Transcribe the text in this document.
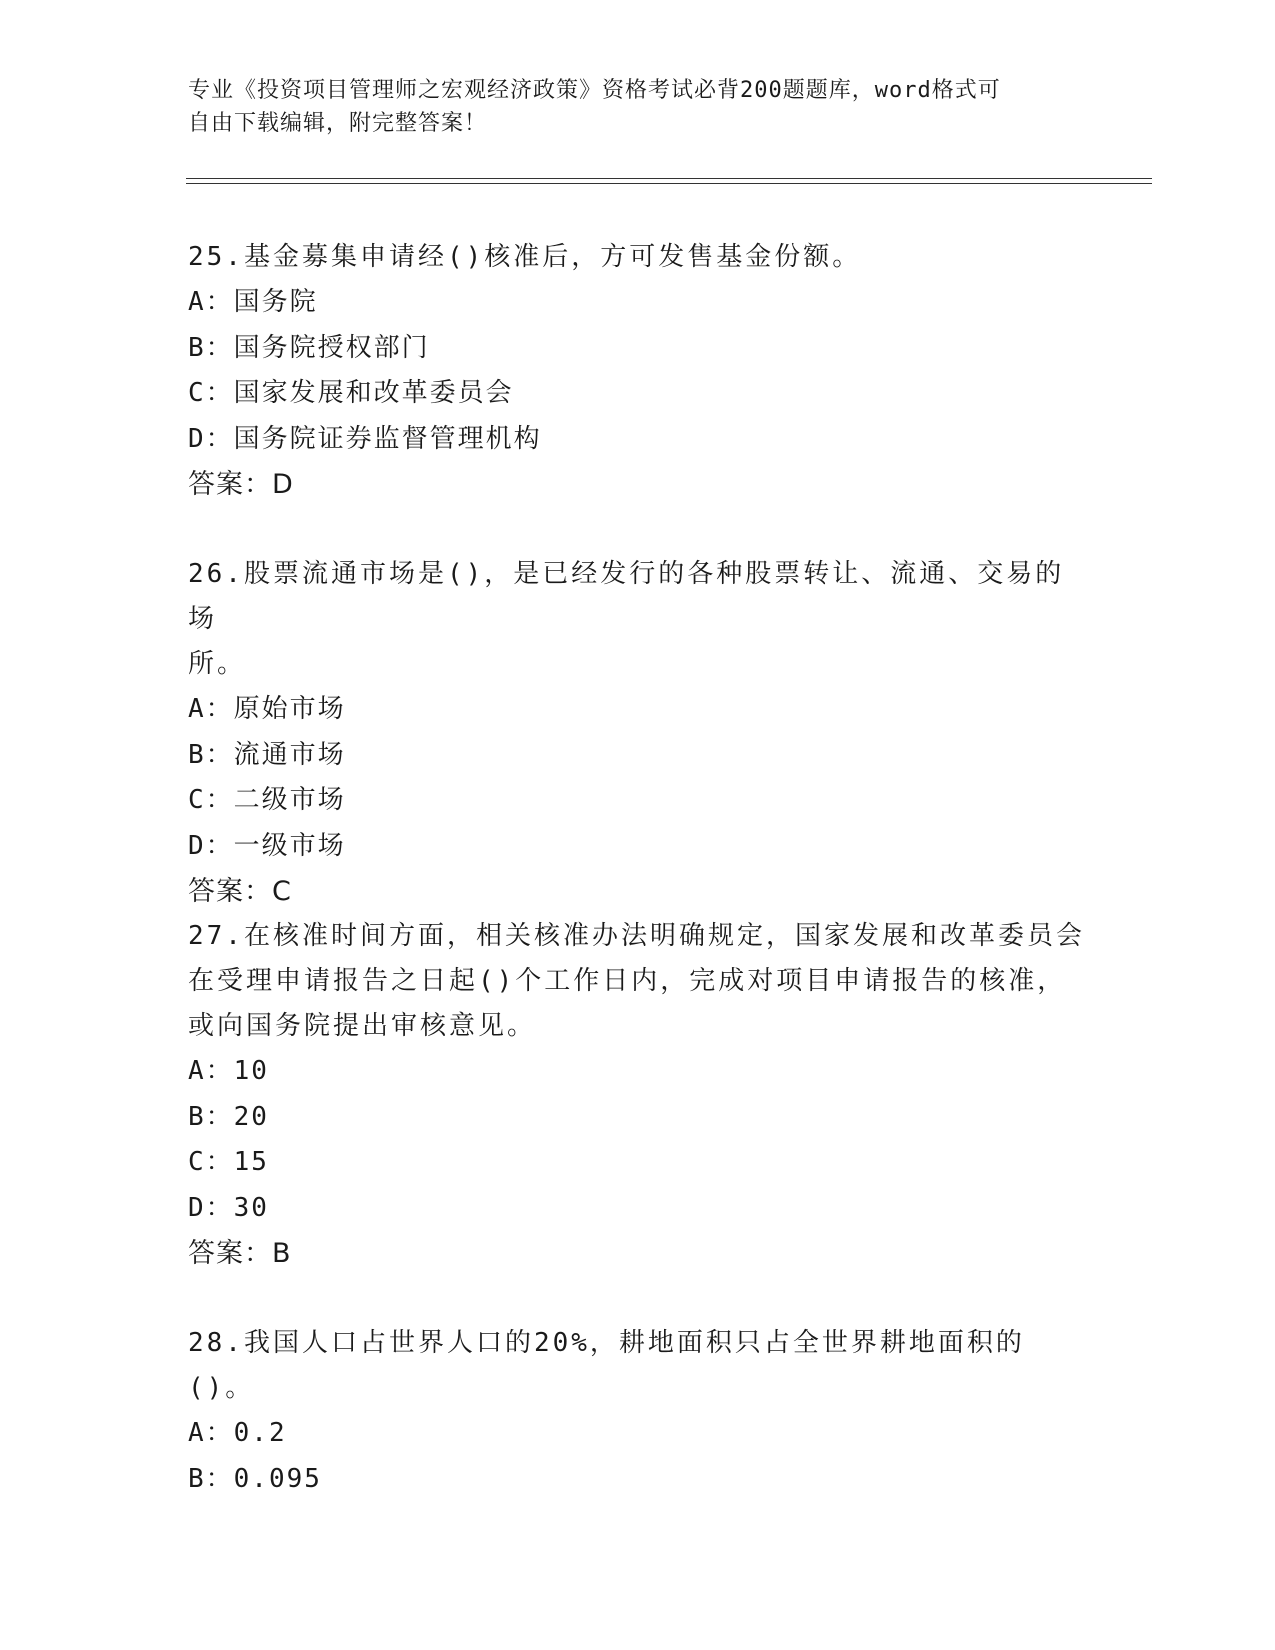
专业《投资项目管理师之宏观经济政策》资格考试必背200题题库，word格式可
自由下载编辑，附完整答案！

25.基金募集申请经()核准后，方可发售基金份额。

A：国务院

B：国务院授权部门

C：国家发展和改革委员会

D：国务院证券监督管理机构

答案：D

26.股票流通市场是()，是已经发行的各种股票转让、流通、交易的场

所。

A：原始市场

B：流通市场

C：二级市场

D：一级市场

答案：C

27.在核准时间方面，相关核准办法明确规定，国家发展和改革委员会

在受理申请报告之日起()个工作日内，完成对项目申请报告的核准，

或向国务院提出审核意见。

A：10

B：20

C：15

D：30

答案：B

28.我国人口占世界人口的20%，耕地面积只占全世界耕地面积的()。

A：0.2

B：0.095
